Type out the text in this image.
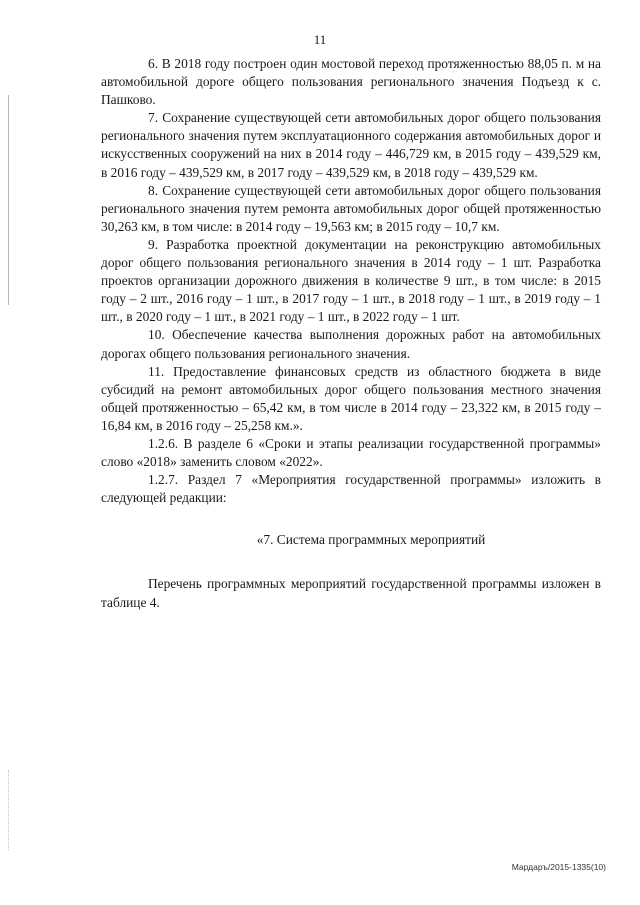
11

6. В 2018 году построен один мостовой переход протяженностью 88,05 п. м на автомобильной дороге общего пользования регионального значения Подъезд к с. Пашково.

7. Сохранение существующей сети автомобильных дорог общего пользования регионального значения путем эксплуатационного содержания автомобильных дорог и искусственных сооружений на них в 2014 году – 446,729 км, в 2015 году – 439,529 км, в 2016 году – 439,529 км, в 2017 году – 439,529 км, в 2018 году – 439,529 км.

8. Сохранение существующей сети автомобильных дорог общего пользования регионального значения путем ремонта автомобильных дорог общей протяженностью 30,263 км, в том числе: в 2014 году – 19,563 км; в 2015 году – 10,7 км.

9. Разработка проектной документации на реконструкцию автомобильных дорог общего пользования регионального значения в 2014 году – 1 шт. Разработка проектов организации дорожного движения в количестве 9 шт., в том числе: в 2015 году – 2 шт., 2016 году – 1 шт., в 2017 году – 1 шт., в 2018 году – 1 шт., в 2019 году – 1 шт., в 2020 году – 1 шт., в 2021 году – 1 шт., в 2022 году – 1 шт.

10. Обеспечение качества выполнения дорожных работ на автомобильных дорогах общего пользования регионального значения.

11. Предоставление финансовых средств из областного бюджета в виде субсидий на ремонт автомобильных дорог общего пользования местного значения общей протяженностью – 65,42 км, в том числе в 2014 году – 23,322 км, в 2015 году – 16,84 км, в 2016 году – 25,258 км.».

1.2.6. В разделе 6 «Сроки и этапы реализации государственной программы» слово «2018» заменить словом «2022».

1.2.7. Раздел 7 «Мероприятия государственной программы» изложить в следующей редакции:

«7. Система программных мероприятий

Перечень программных мероприятий государственной программы изложен в таблице 4.

Мардаръ/2015-1335(10)
